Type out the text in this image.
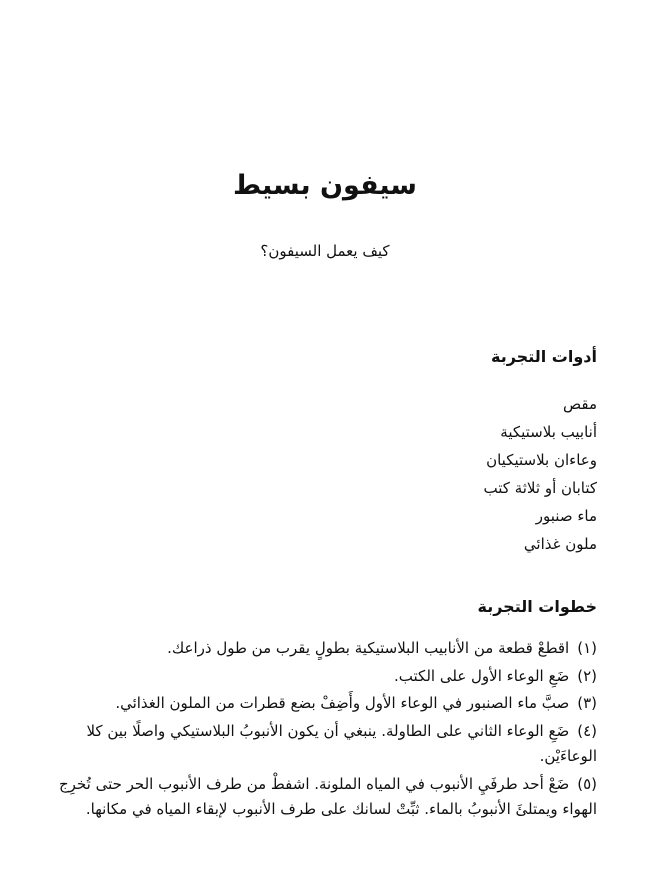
سيفون بسيط

كيف يعمل السيفون؟

أدوات التجربة
مقص
أنابيب بلاستيكية
وعاءان بلاستيكيان
كتابان أو ثلاثة كتب
ماء صنبور
ملون غذائي
خطوات التجربة
(١)اقطعْ قطعة من الأنابيب البلاستيكية بطولٍ يقرب من طول ذراعك.
(٢)ضَعِ الوعاء الأول على الكتب.
(٣)صبَّ ماء الصنبور في الوعاء الأول وأَضِفْ بضع قطرات من الملون الغذائي.
(٤)ضَعِ الوعاء الثاني على الطاولة. ينبغي أن يكون الأنبوبُ البلاستيكي واصلًا بين كلا الوعاءَيْن.
(٥)ضَعْ أحد طرفَيِ الأنبوب في المياه الملونة. اشفطْ من طرف الأنبوب الحر حتى تُخرِج الهواء ويمتلئَ الأنبوبُ بالماء. ثبِّتْ لسانك على طرف الأنبوب لإبقاء المياه في مكانها.
